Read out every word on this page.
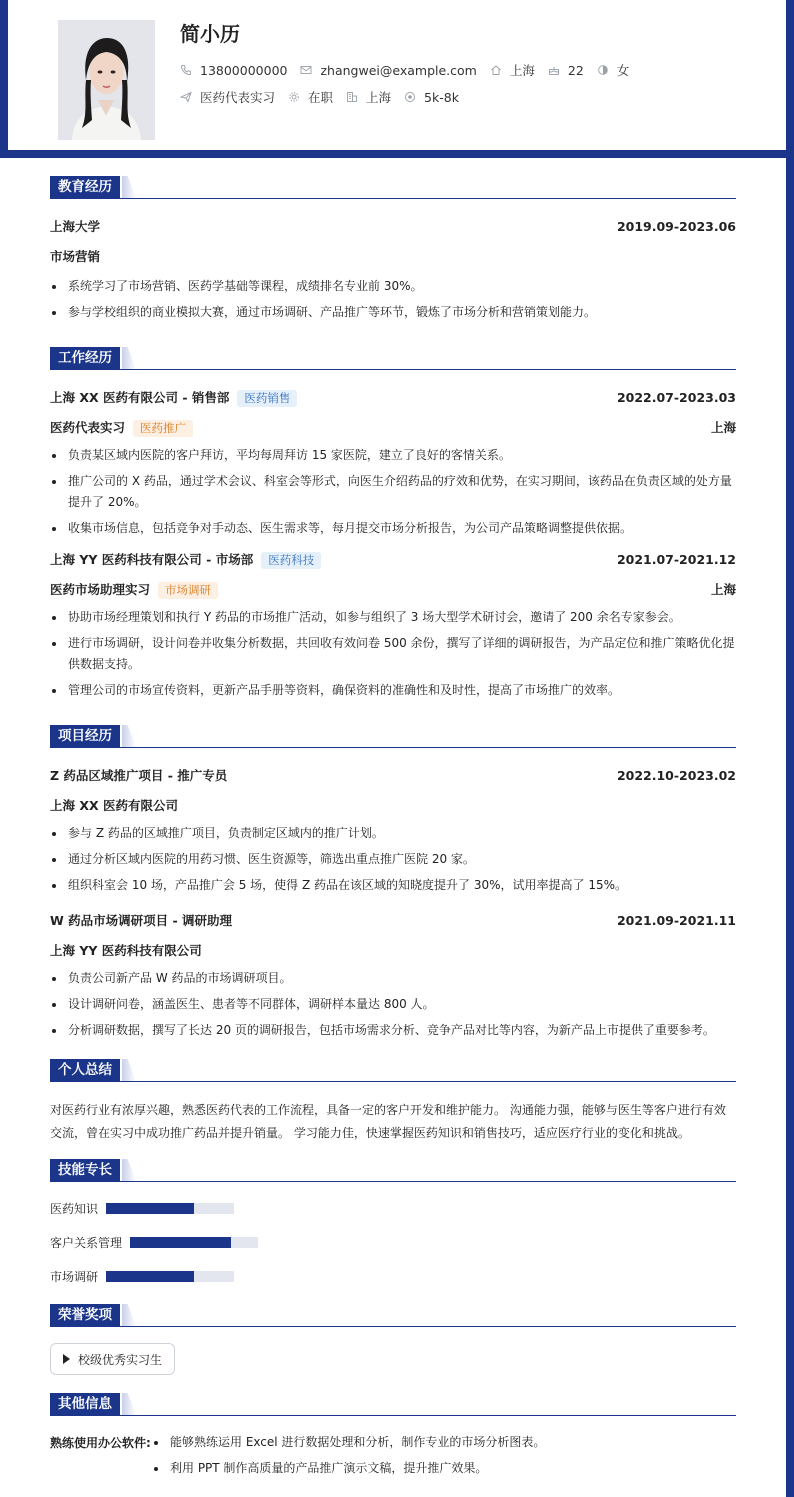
简小历
13800000000	zhangwei@example.com	上海	22	女
医药代表实习	在职	上海	5k-8k
教育经历
上海大学	2019.09-2023.06
市场营销
系统学习了市场营销、医药学基础等课程，成绩排名专业前 30%。
参与学校组织的商业模拟大赛，通过市场调研、产品推广等环节，锻炼了市场分析和营销策划能力。
工作经历
上海 XX 医药有限公司 - 销售部 医药销售	2022.07-2023.03
医药代表实习 医药推广	上海
负责某区域内医院的客户拜访，平均每周拜访 15 家医院，建立了良好的客情关系。
推广公司的 X 药品，通过学术会议、科室会等形式，向医生介绍药品的疗效和优势，在实习期间，该药品在负责区域的处方量提升了 20%。
收集市场信息，包括竞争对手动态、医生需求等，每月提交市场分析报告，为公司产品策略调整提供依据。
上海 YY 医药科技有限公司 - 市场部 医药科技	2021.07-2021.12
医药市场助理实习 市场调研	上海
协助市场经理策划和执行 Y 药品的市场推广活动，如参与组织了 3 场大型学术研讨会，邀请了 200 余名专家参会。
进行市场调研，设计问卷并收集分析数据，共回收有效问卷 500 余份，撰写了详细的调研报告，为产品定位和推广策略优化提供数据支持。
管理公司的市场宣传资料，更新产品手册等资料，确保资料的准确性和及时性，提高了市场推广的效率。
项目经历
Z 药品区域推广项目 - 推广专员	2022.10-2023.02
上海 XX 医药有限公司
参与 Z 药品的区域推广项目，负责制定区域内的推广计划。
通过分析区域内医院的用药习惯、医生资源等，筛选出重点推广医院 20 家。
组织科室会 10 场，产品推广会 5 场，使得 Z 药品在该区域的知晓度提升了 30%，试用率提高了 15%。
W 药品市场调研项目 - 调研助理	2021.09-2021.11
上海 YY 医药科技有限公司
负责公司新产品 W 药品的市场调研项目。
设计调研问卷，涵盖医生、患者等不同群体，调研样本量达 800 人。
分析调研数据，撰写了长达 20 页的调研报告，包括市场需求分析、竞争产品对比等内容，为新产品上市提供了重要参考。
个人总结

对医药行业有浓厚兴趣，熟悉医药代表的工作流程，具备一定的客户开发和维护能力。 沟通能力强，能够与医生等客户进行有效交流，曾在实习中成功推广药品并提升销量。 学习能力佳，快速掌握医药知识和销售技巧，适应医疗行业的变化和挑战。

技能专长
医药知识
客户关系管理
市场调研
荣誉奖项
校级优秀实习生
其他信息
熟练使用办公软件:	能够熟练运用 Excel 进行数据处理和分析，制作专业的市场分析图表。
利用 PPT 制作高质量的产品推广演示文稿，提升推广效果。
